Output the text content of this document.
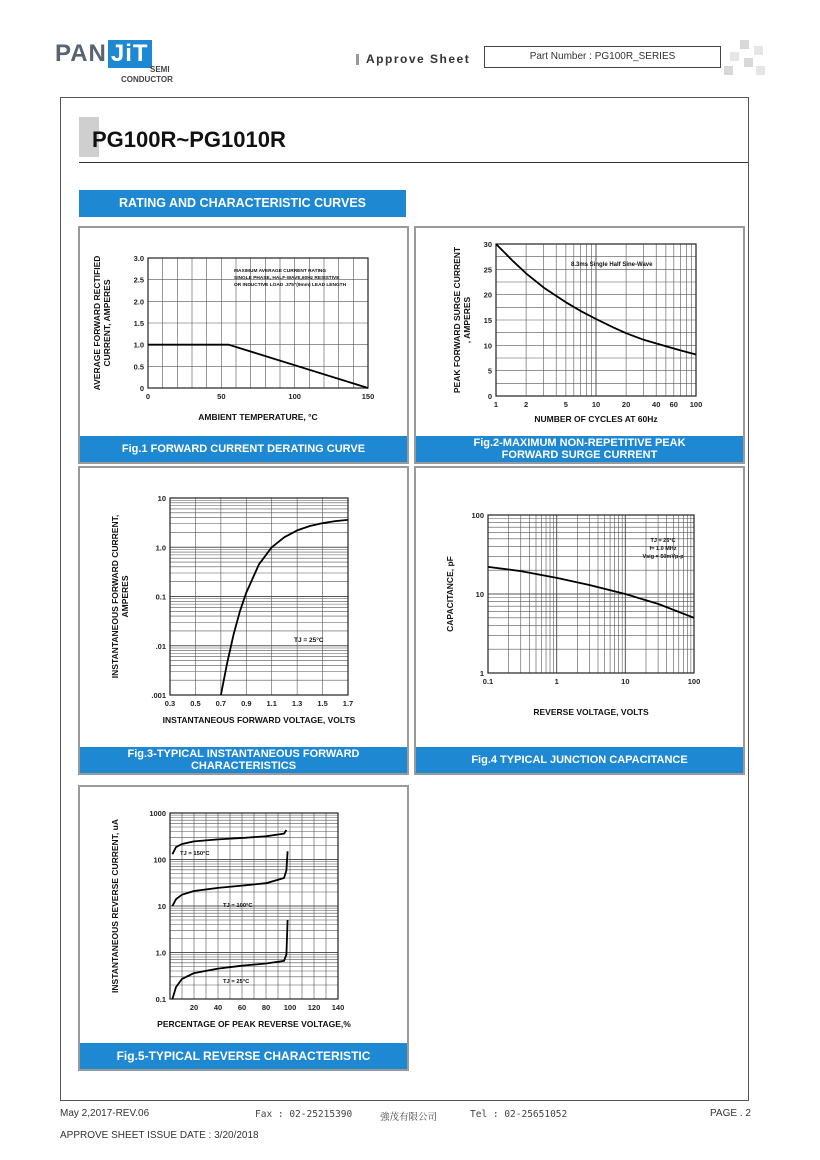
PAN JiT
SEMI
CONDUCTOR
Approve Sheet	Part Number : PG100R_SERIES
PG100R~PG1010R
RATING AND CHARACTERISTIC CURVES
0	50	100	150
0
0.5
1.0
1.5
2.0
2.5
3.0
AMBIENT TEMPERATURE, °C
AVERAGE FORWARD RECTIFIED CURRENT, AMPERES
MAXIMUM AVERAGE CURRENT RATING
SINGLE PHASE, HALF-WAVE,60Hz RESISTIVE
OR INDUCTIVE LOAD .375"(9mm) LEAD LENGTH
Fig.1 FORWARD CURRENT DERATING CURVE
1	2	5	10	20	40 60 100
0
5
10
15
20
25
30
NUMBER OF CYCLES AT 60Hz
PEAK FORWARD SURGE CURRENT , AMPERES
8.3ms Single Half Sine-Wave
Fig.2-MAXIMUM NON-REPETITIVE PEAK
FORWARD SURGE CURRENT
0.3 0.5 0.7 0.9 1.1 1.3 1.5 1.7
.001
.01
0.1
1.0
10
INSTANTANEOUS FORWARD VOLTAGE, VOLTS
INSTANTANEOUS FORWARD CURRENT, AMPERES
TJ = 25°C
Fig.3-TYPICAL INSTANTANEOUS FORWARD
CHARACTERISTICS
0.1	1	10	100
1
10
100
REVERSE VOLTAGE, VOLTS
CAPACITANCE, pF
TJ = 25°C
f= 1.0 MHz
Vsig = 50mVp-p
Fig.4 TYPICAL JUNCTION CAPACITANCE
20 40 60 80 100 120 140
0.1
1.0
10
100
1000
PERCENTAGE OF PEAK REVERSE VOLTAGE,%
INSTANTANEOUS REVERSE CURRENT, uA	TJ = 150°C
TJ = 100°C
TJ = 25°C
Fig.5-TYPICAL REVERSE CHARACTERISTIC
May 2,2017-REV.06	Fax : 02-25215390	強茂有限公司	Tel : 02-25651052	PAGE . 2
APPROVE SHEET ISSUE DATE : 3/20/2018
